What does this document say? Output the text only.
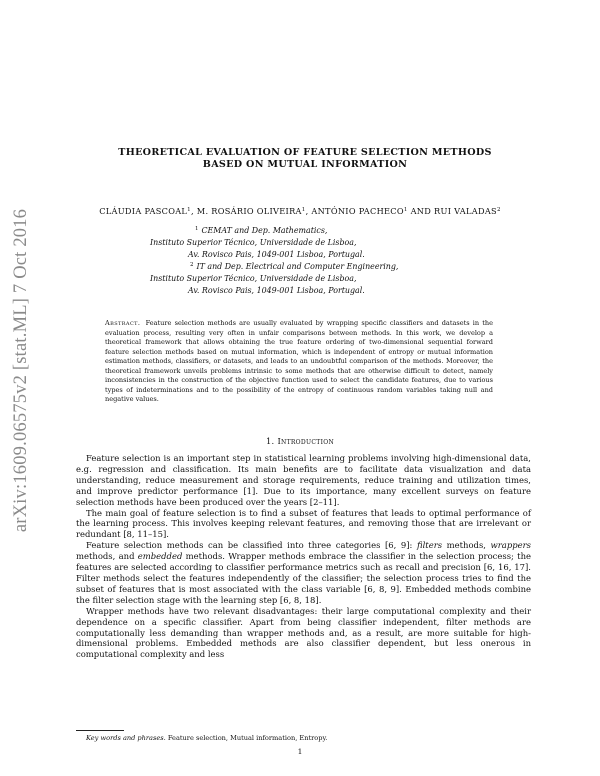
arXiv:1609.06575v2 [stat.ML] 7 Oct 2016
THEORETICAL EVALUATION OF FEATURE SELECTION METHODS
BASED ON MUTUAL INFORMATION
CLÁUDIA PASCOAL$^1$, M. ROSÁRIO OLIVEIRA$^1$, ANTÓNIO PACHECO$^1$ AND RUI VALADAS$^2$
$^1$ CEMAT and Dep. Mathematics,
Instituto Superior Técnico, Universidade de Lisboa,
Av. Rovisco Pais, 1049-001 Lisboa, Portugal.
$^2$ IT and Dep. Electrical and Computer Engineering,
Instituto Superior Técnico, Universidade de Lisboa,
Av. Rovisco Pais, 1049-001 Lisboa, Portugal.
Abstract. Feature selection methods are usually evaluated by wrapping specific classifiers and datasets in the evaluation process, resulting very often in unfair comparisons between methods. In this work, we develop a theoretical framework that allows obtaining the true feature ordering of two-dimensional sequential forward feature selection methods based on mutual information, which is independent of entropy or mutual information estimation methods, classifiers, or datasets, and leads to an undoubtful comparison of the methods. Moreover, the theoretical framework unveils problems intrinsic to some methods that are otherwise difficult to detect, namely inconsistencies in the construction of the objective function used to select the candidate features, due to various types of indeterminations and to the possibility of the entropy of continuous random variables taking null and negative values.
1. Introduction

Feature selection is an important step in statistical learning problems involving high-dimensional data, e.g. regression and classification. Its main benefits are to facilitate data visualization and data understanding, reduce measurement and storage requirements, reduce training and utilization times, and improve predictor performance [1]. Due to its importance, many excellent surveys on feature selection methods have been produced over the years [2–11].

The main goal of feature selection is to find a subset of features that leads to optimal performance of the learning process. This involves keeping relevant features, and removing those that are irrelevant or redundant [8, 11–15].

Feature selection methods can be classified into three categories [6, 9]: filters methods, wrappers methods, and embedded methods. Wrapper methods embrace the classifier in the selection process; the features are selected according to classifier performance metrics such as recall and precision [6, 16, 17]. Filter methods select the features independently of the classifier; the selection process tries to find the subset of features that is most associated with the class variable [6, 8, 9]. Embedded methods combine the filter selection stage with the learning step [6, 8, 18].

Wrapper methods have two relevant disadvantages: their large computational complexity and their dependence on a specific classifier. Apart from being classifier independent, filter methods are computationally less demanding than wrapper methods and, as a result, are more suitable for high-dimensional problems. Embedded methods are also classifier dependent, but less onerous in computational complexity and less

Key words and phrases. Feature selection, Mutual information, Entropy.
1
